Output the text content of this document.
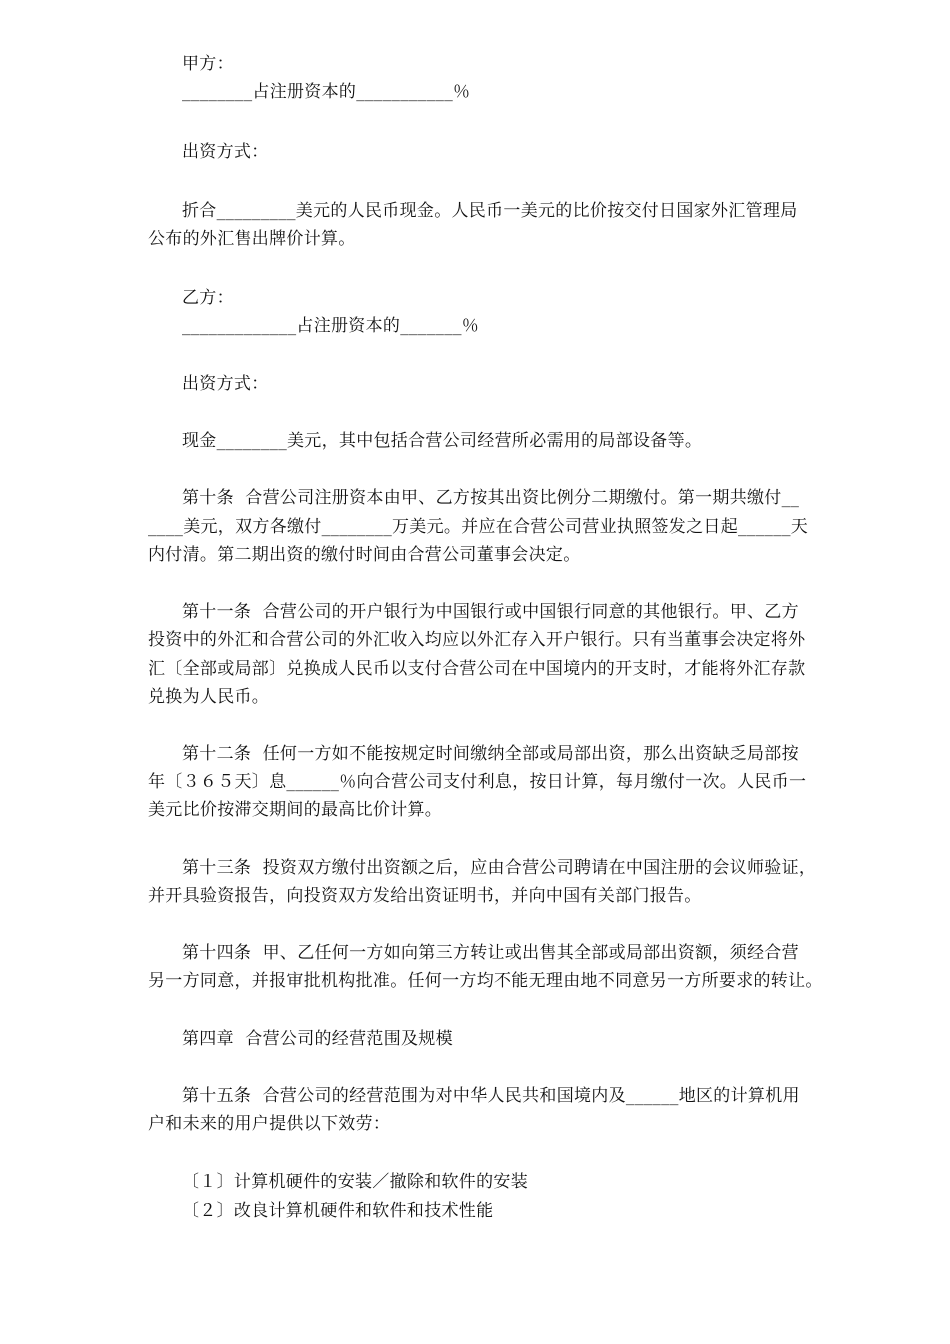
甲方：
________占注册资本的___________％
出资方式：
折合_________美元的人民币现金。人民币一美元的比价按交付日国家外汇管理局
公布的外汇售出牌价计算。
乙方：
_____________占注册资本的_______％
出资方式：
现金________美元，其中包括合营公司经营所必需用的局部设备等。
第十条  合营公司注册资本由甲、乙方按其出资比例分二期缴付。第一期共缴付__
____美元，双方各缴付________万美元。并应在合营公司营业执照签发之日起______天
内付清。第二期出资的缴付时间由合营公司董事会决定。
第十一条  合营公司的开户银行为中国银行或中国银行同意的其他银行。甲、乙方
投资中的外汇和合营公司的外汇收入均应以外汇存入开户银行。只有当董事会决定将外
汇〔全部或局部〕兑换成人民币以支付合营公司在中国境内的开支时，才能将外汇存款
兑换为人民币。
第十二条  任何一方如不能按规定时间缴纳全部或局部出资，那么出资缺乏局部按
年〔３６５天〕息______％向合营公司支付利息，按日计算，每月缴付一次。人民币一
美元比价按滞交期间的最高比价计算。
第十三条  投资双方缴付出资额之后，应由合营公司聘请在中国注册的会议师验证，
并开具验资报告，向投资双方发给出资证明书，并向中国有关部门报告。
第十四条  甲、乙任何一方如向第三方转让或出售其全部或局部出资额，须经合营
另一方同意，并报审批机构批准。任何一方均不能无理由地不同意另一方所要求的转让。
第四章  合营公司的经营范围及规模
第十五条  合营公司的经营范围为对中华人民共和国境内及______地区的计算机用
户和未来的用户提供以下效劳：
〔１〕计算机硬件的安装／撤除和软件的安装
〔２〕改良计算机硬件和软件和技术性能
